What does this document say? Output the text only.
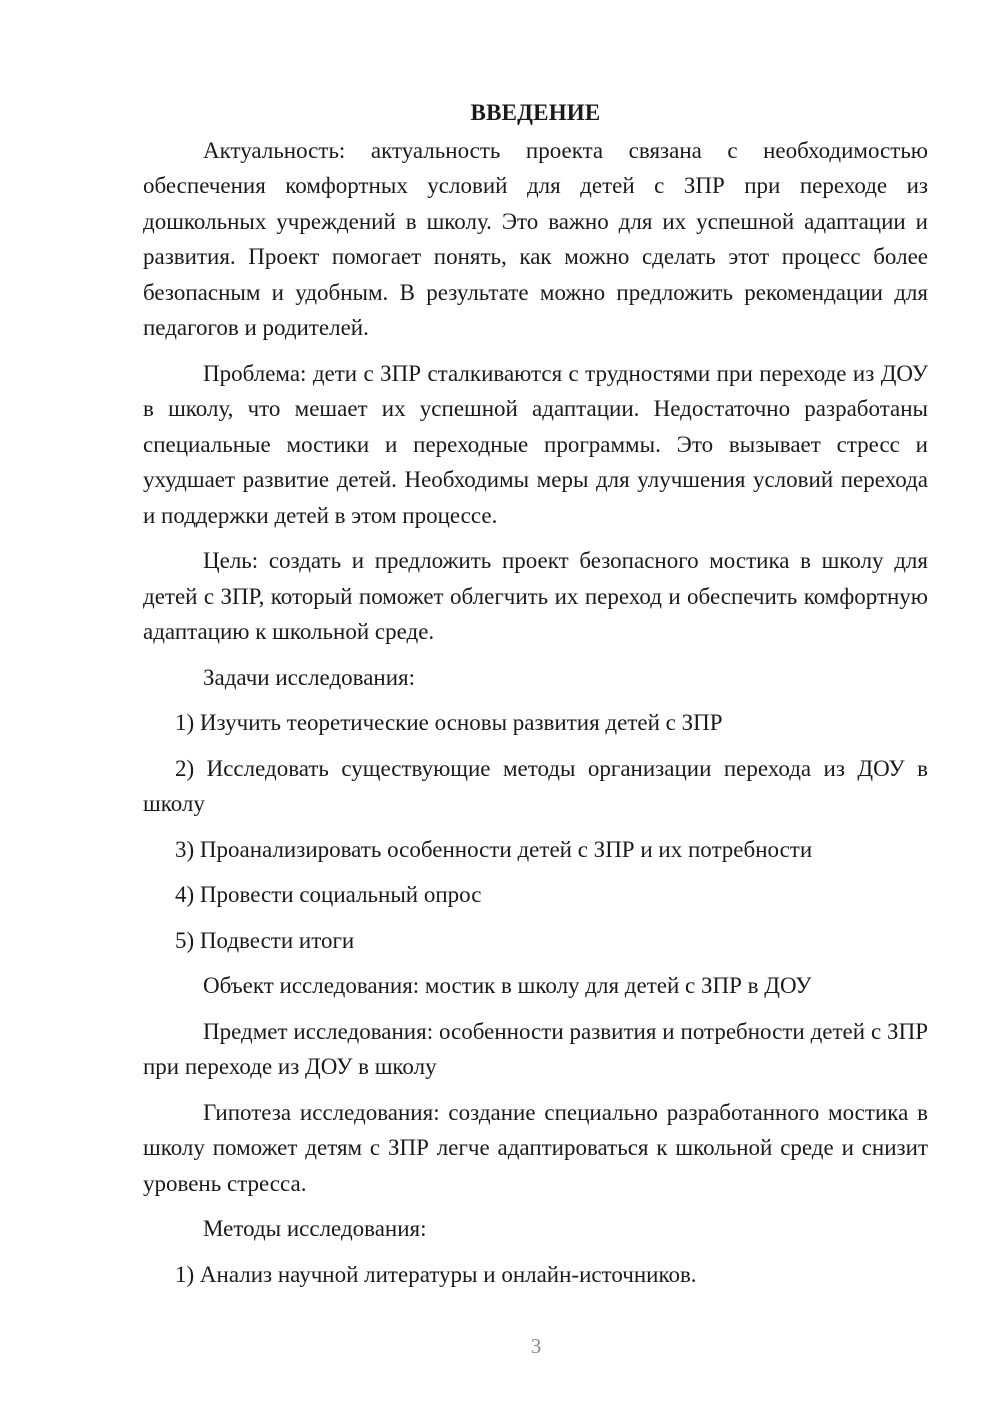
ВВЕДЕНИЕ

Актуальность: актуальность проекта связана с необходимостью обеспечения комфортных условий для детей с ЗПР при переходе из дошкольных учреждений в школу. Это важно для их успешной адаптации и развития. Проект помогает понять, как можно сделать этот процесс более безопасным и удобным. В результате можно предложить рекомендации для педагогов и родителей.

Проблема: дети с ЗПР сталкиваются с трудностями при переходе из ДОУ в школу, что мешает их успешной адаптации. Недостаточно разработаны специальные мостики и переходные программы. Это вызывает стресс и ухудшает развитие детей. Необходимы меры для улучшения условий перехода и поддержки детей в этом процессе.

Цель: создать и предложить проект безопасного мостика в школу для детей с ЗПР, который поможет облегчить их переход и обеспечить комфортную адаптацию к школьной среде.

Задачи исследования:

1) Изучить теоретические основы развития детей с ЗПР

2) Исследовать существующие методы организации перехода из ДОУ в школу

3) Проанализировать особенности детей с ЗПР и их потребности

4) Провести социальный опрос

5) Подвести итоги

Объект исследования: мостик в школу для детей с ЗПР в ДОУ

Предмет исследования: особенности развития и потребности детей с ЗПР при переходе из ДОУ в школу

Гипотеза исследования: создание специально разработанного мостика в школу поможет детям с ЗПР легче адаптироваться к школьной среде и снизит уровень стресса.

Методы исследования:

1) Анализ научной литературы и онлайн-источников.

3
